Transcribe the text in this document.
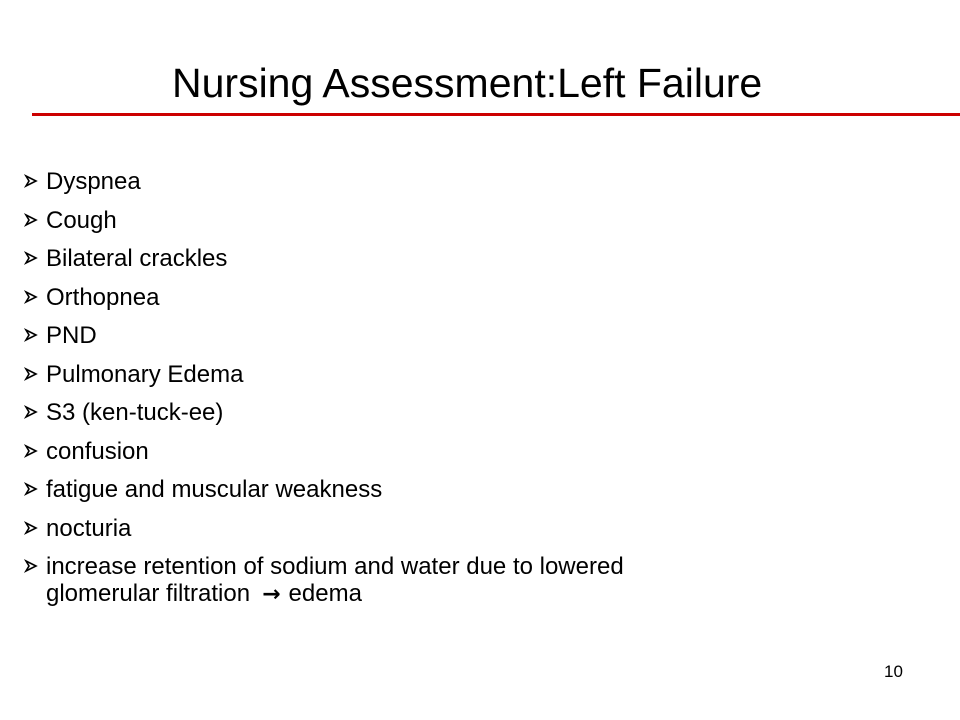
Nursing Assessment:Left Failure
Dyspnea
Cough
Bilateral crackles
Orthopnea
PND
Pulmonary Edema
S3 (ken-tuck-ee)
confusion
fatigue and muscular weakness
nocturia
increase retention of sodium and water due to lowered
glomerular filtration → edema
10
